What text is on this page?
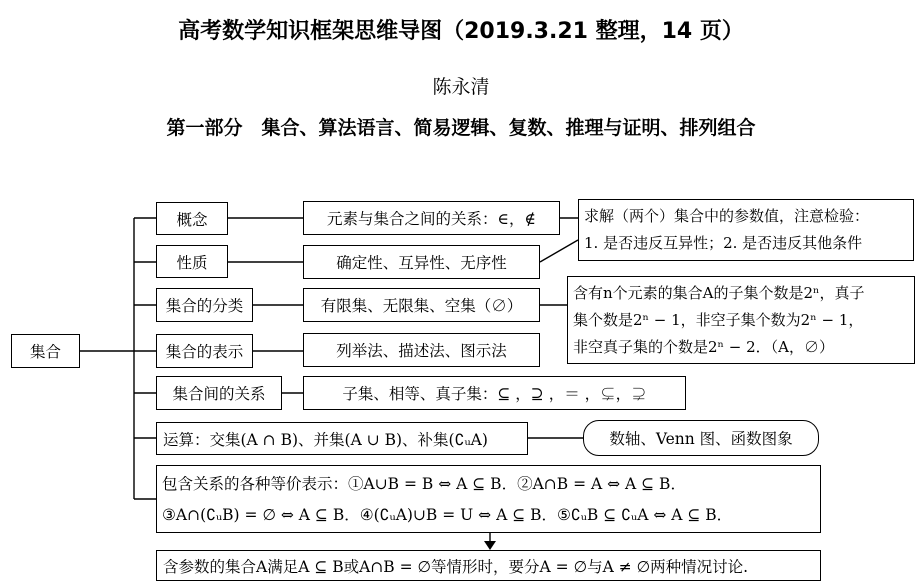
高考数学知识框架思维导图（2019.3.21 整理，14 页）
陈永清
第一部分　集合、算法语言、简易逻辑、复数、推理与证明、排列组合
集合
概念
性质
集合的分类
集合的表示
集合间的关系
运算：交集(A ∩ B)、并集(A ∪ B)、补集(∁ᵤA)
元素与集合之间的关系：∈，∉
确定性、互异性、无序性
有限集、无限集、空集（∅）
列举法、描述法、图示法
子集、相等、真子集：⊆ ，⊇ ，＝ ，⊊，⊋
数轴、Venn 图、函数图象
求解（两个）集合中的参数值，注意检验：
1. 是否违反互异性；2. 是否违反其他条件
含有n个元素的集合A的子集个数是2ⁿ，真子
集个数是2ⁿ − 1，非空子集个数为2ⁿ − 1，
非空真子集的个数是2ⁿ − 2．（A，∅）
包含关系的各种等价表示：①A∪B = B ⇔ A ⊆ B．②A∩B = A ⇔ A ⊆ B．
③A∩(∁ᵤB) = ∅ ⇔ A ⊆ B．④(∁ᵤA)∪B = U ⇔ A ⊆ B．⑤∁ᵤB ⊆ ∁ᵤA ⇔ A ⊆ B．
含参数的集合A满足A ⊆ B或A∩B = ∅等情形时，要分A = ∅与A ≠ ∅两种情况讨论.
